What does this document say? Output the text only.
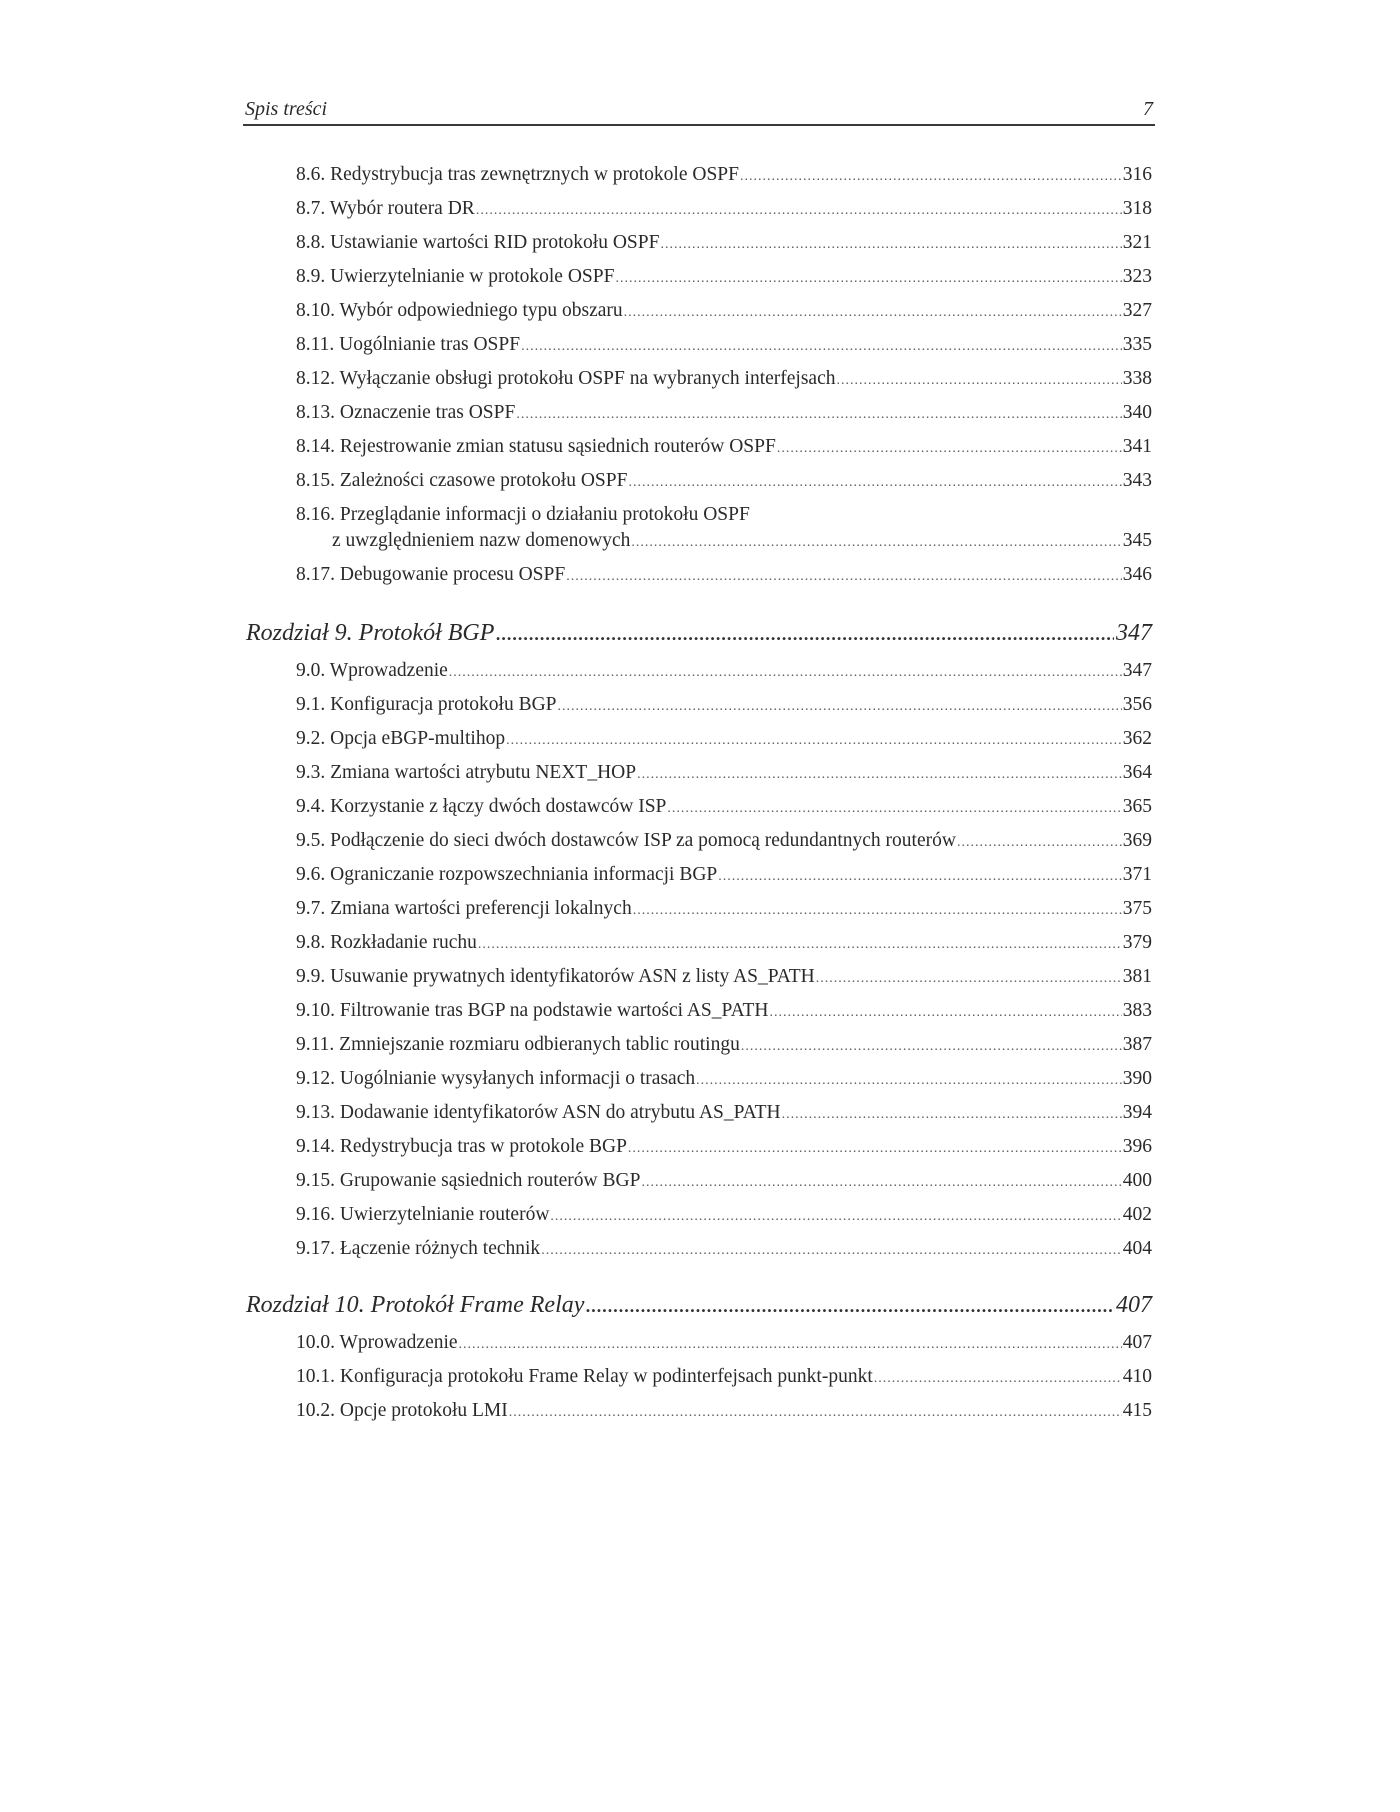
Spis treści	7
8.6. Redystrybucja tras zewnętrznych w protokole OSPF .....	316
8.7. Wybór routera DR .....	318
8.8. Ustawianie wartości RID protokołu OSPF .....	321
8.9. Uwierzytelnianie w protokole OSPF .....	323
8.10. Wybór odpowiedniego typu obszaru .....	327
8.11. Uogólnianie tras OSPF .....	335
8.12. Wyłączanie obsługi protokołu OSPF na wybranych interfejsach .....	338
8.13. Oznaczenie tras OSPF .....	340
8.14. Rejestrowanie zmian statusu sąsiednich routerów OSPF .....	341
8.15. Zależności czasowe protokołu OSPF .....	343
8.16. Przeglądanie informacji o działaniu protokołu OSPF
z uwzględnieniem nazw domenowych .....	345
8.17. Debugowanie procesu OSPF .....	346
Rozdział 9. Protokół BGP .....	347
9.0. Wprowadzenie .....	347
9.1. Konfiguracja protokołu BGP .....	356
9.2. Opcja eBGP-multihop .....	362
9.3. Zmiana wartości atrybutu NEXT_HOP .....	364
9.4. Korzystanie z łączy dwóch dostawców ISP .....	365
9.5. Podłączenie do sieci dwóch dostawców ISP za pomocą redundantnych routerów .....	369
9.6. Ograniczanie rozpowszechniania informacji BGP .....	371
9.7. Zmiana wartości preferencji lokalnych .....	375
9.8. Rozkładanie ruchu .....	379
9.9. Usuwanie prywatnych identyfikatorów ASN z listy AS_PATH .....	381
9.10. Filtrowanie tras BGP na podstawie wartości AS_PATH .....	383
9.11. Zmniejszanie rozmiaru odbieranych tablic routingu .....	387
9.12. Uogólnianie wysyłanych informacji o trasach .....	390
9.13. Dodawanie identyfikatorów ASN do atrybutu AS_PATH .....	394
9.14. Redystrybucja tras w protokole BGP .....	396
9.15. Grupowanie sąsiednich routerów BGP .....	400
9.16. Uwierzytelnianie routerów .....	402
9.17. Łączenie różnych technik .....	404
Rozdział 10. Protokół Frame Relay .....	407
10.0. Wprowadzenie .....	407
10.1. Konfiguracja protokołu Frame Relay w podinterfejsach punkt-punkt .....	410
10.2. Opcje protokołu LMI .....	415
